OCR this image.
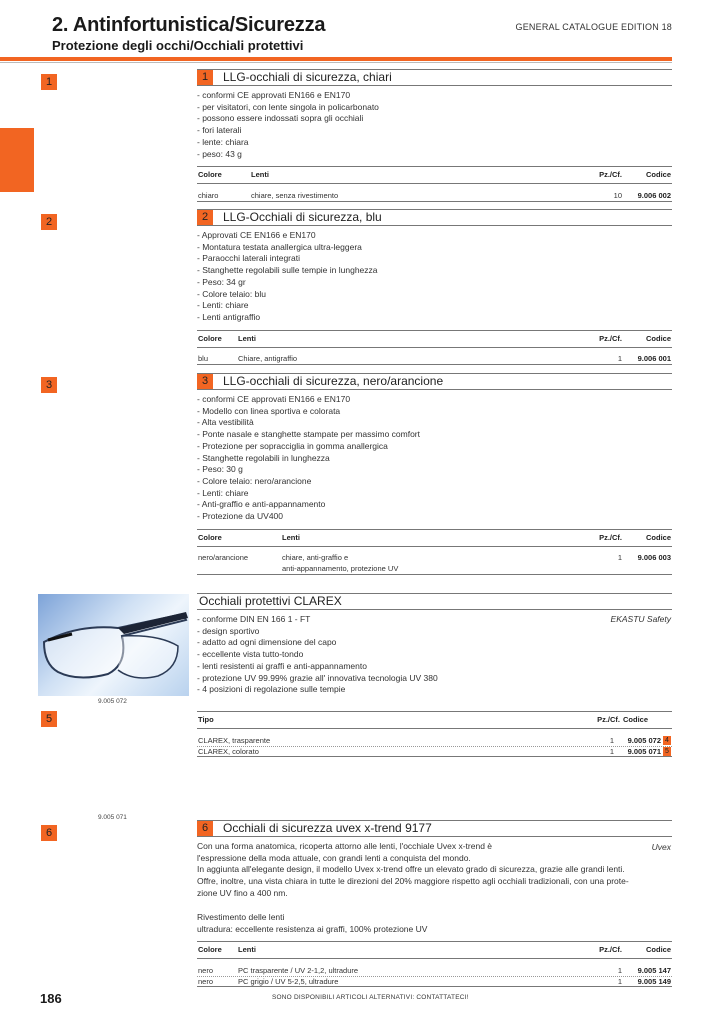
2. Antinfortunistica/Sicurezza
Protezione degli occhi/Occhiali protettivi
GENERAL CATALOGUE EDITION 18
1
2
3
5
6
9.005 072
9.005 071
1	LLG-occhiali di sicurezza, chiari
- conformi CE approvati EN166 e EN170
- per visitatori, con lente singola in policarbonato
- possono essere indossati sopra gli occhiali
- fori laterali
- lente: chiara
- peso: 43 g
Colore	Lenti	Pz./Cf.	Codice
chiaro	chiare, senza rivestimento	10 9.006 002
2	LLG-Occhiali di sicurezza, blu
- Approvati CE EN166 e EN170
- Montatura testata anallergica ultra-leggera
- Paraocchi laterali integrati
- Stanghette regolabili sulle tempie in lunghezza
- Peso: 34 gr
- Colore telaio: blu
- Lenti: chiare
- Lenti antigraffio
Colore Lenti	Pz./Cf.	Codice
blu	Chiare, antigraffio	1 9.006 001
3	LLG-occhiali di sicurezza, nero/arancione
- conformi CE approvati EN166 e EN170
- Modello con linea sportiva e colorata
- Alta vestibilità
- Ponte nasale e stanghette stampate per massimo comfort
- Protezione per sopracciglia in gomma anallergica
- Stanghette regolabili in lunghezza
- Peso: 30 g
- Colore telaio: nero/arancione
- Lenti: chiare
- Anti-graffio e anti-appannamento
- Protezione da UV400
Colore	Lenti	Pz./Cf.	Codice
nero/arancione	chiare, anti-graffio e
anti-appannamento, protezione UV
1 9.006 003
Occhiali protettivi CLAREX
EKASTU Safety
- conforme DIN EN 166 1 - FT
- design sportivo
- adatto ad ogni dimensione del capo
- eccellente vista tutto-tondo
- lenti resistenti ai graffi e anti-appannamento
- protezione UV 99.99% grazie all' innovativa tecnologia UV 380
- 4 posizioni di regolazione sulle tempie
Tipo	Pz./Cf. Codice
CLAREX, trasparente	1 9.005 072 4
CLAREX, colorato	1 9.005 071 5
6	Occhiali di sicurezza uvex x-trend 9177
Uvex
Con una forma anatomica, ricoperta attorno alle lenti, l'occhiale Uvex x-trend è
l'espressione della moda attuale, con grandi lenti a conquista del mondo.
In aggiunta all'elegante design, il modello Uvex x-trend offre un elevato grado di sicurezza, grazie alle grandi lenti.
Offre, inoltre, una vista chiara in tutte le direzioni del 20% maggiore rispetto agli occhiali tradizionali, con una prote-
zione UV fino a 400 nm.
Rivestimento delle lenti
ultradura: eccellente resistenza ai graffi, 100% protezione UV
Colore Lenti	Pz./Cf.	Codice
nero	PC trasparente / UV 2-1,2, ultradure	1 9.005 147
nero	PC grigio / UV 5-2,5, ultradure	1 9.005 149
186	SONO DISPONIBILI ARTICOLI ALTERNATIVI: CONTATTATECI!
